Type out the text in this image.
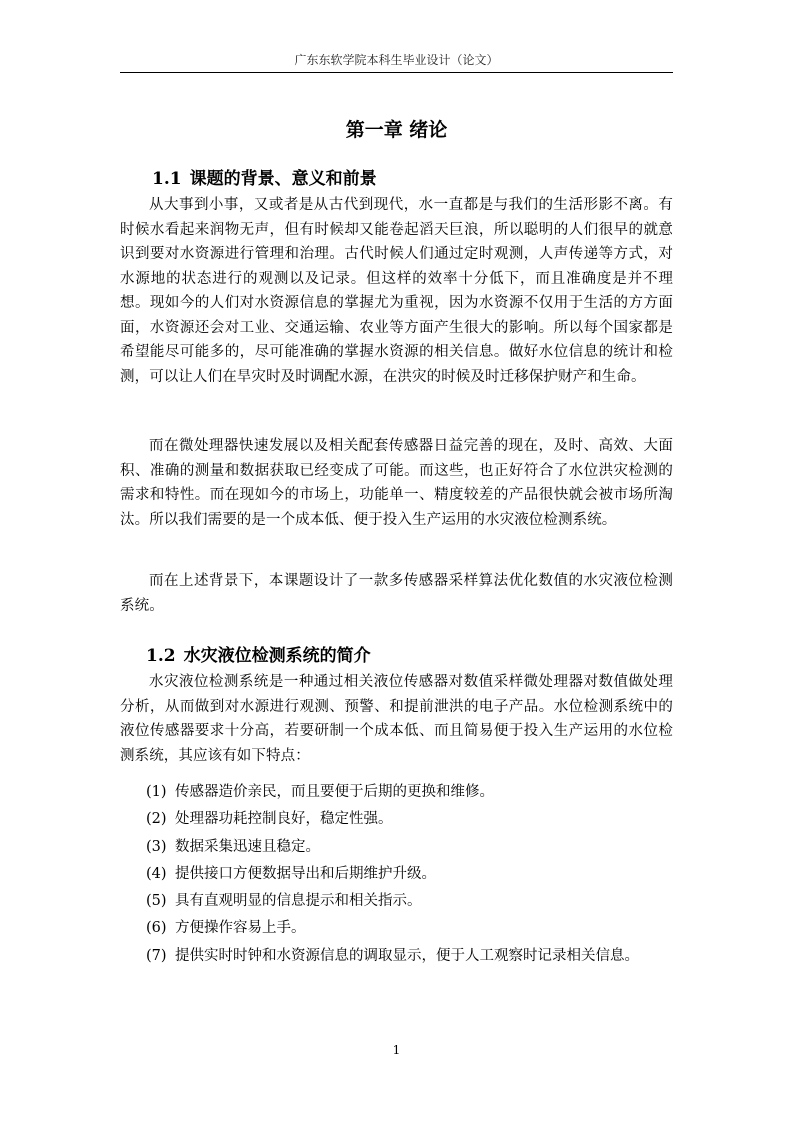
广东东软学院本科生毕业设计（论文）
第一章 绪论
1.1 课题的背景、意义和前景

从大事到小事，又或者是从古代到现代，水一直都是与我们的生活形影不离。有时候水看起来润物无声，但有时候却又能卷起滔天巨浪，所以聪明的人们很早的就意识到要对水资源进行管理和治理。古代时候人们通过定时观测，人声传递等方式，对水源地的状态进行的观测以及记录。但这样的效率十分低下，而且准确度是并不理想。现如今的人们对水资源信息的掌握尤为重视，因为水资源不仅用于生活的方方面面，水资源还会对工业、交通运输、农业等方面产生很大的影响。所以每个国家都是希望能尽可能多的，尽可能准确的掌握水资源的相关信息。做好水位信息的统计和检测，可以让人们在旱灾时及时调配水源，在洪灾的时候及时迁移保护财产和生命。

而在微处理器快速发展以及相关配套传感器日益完善的现在，及时、高效、大面积、准确的测量和数据获取已经变成了可能。而这些，也正好符合了水位洪灾检测的需求和特性。而在现如今的市场上，功能单一、精度较差的产品很快就会被市场所淘汰。所以我们需要的是一个成本低、便于投入生产运用的水灾液位检测系统。

而在上述背景下，本课题设计了一款多传感器采样算法优化数值的水灾液位检测系统。

1.2 水灾液位检测系统的简介

水灾液位检测系统是一种通过相关液位传感器对数值采样微处理器对数值做处理分析，从而做到对水源进行观测、预警、和提前泄洪的电子产品。水位检测系统中的液位传感器要求十分高，若要研制一个成本低、而且简易便于投入生产运用的水位检测系统，其应该有如下特点：

(1) 传感器造价亲民，而且要便于后期的更换和维修。
(2) 处理器功耗控制良好，稳定性强。
(3) 数据采集迅速且稳定。
(4) 提供接口方便数据导出和后期维护升级。
(5) 具有直观明显的信息提示和相关指示。
(6) 方便操作容易上手。
(7) 提供实时时钟和水资源信息的调取显示，便于人工观察时记录相关信息。
1
